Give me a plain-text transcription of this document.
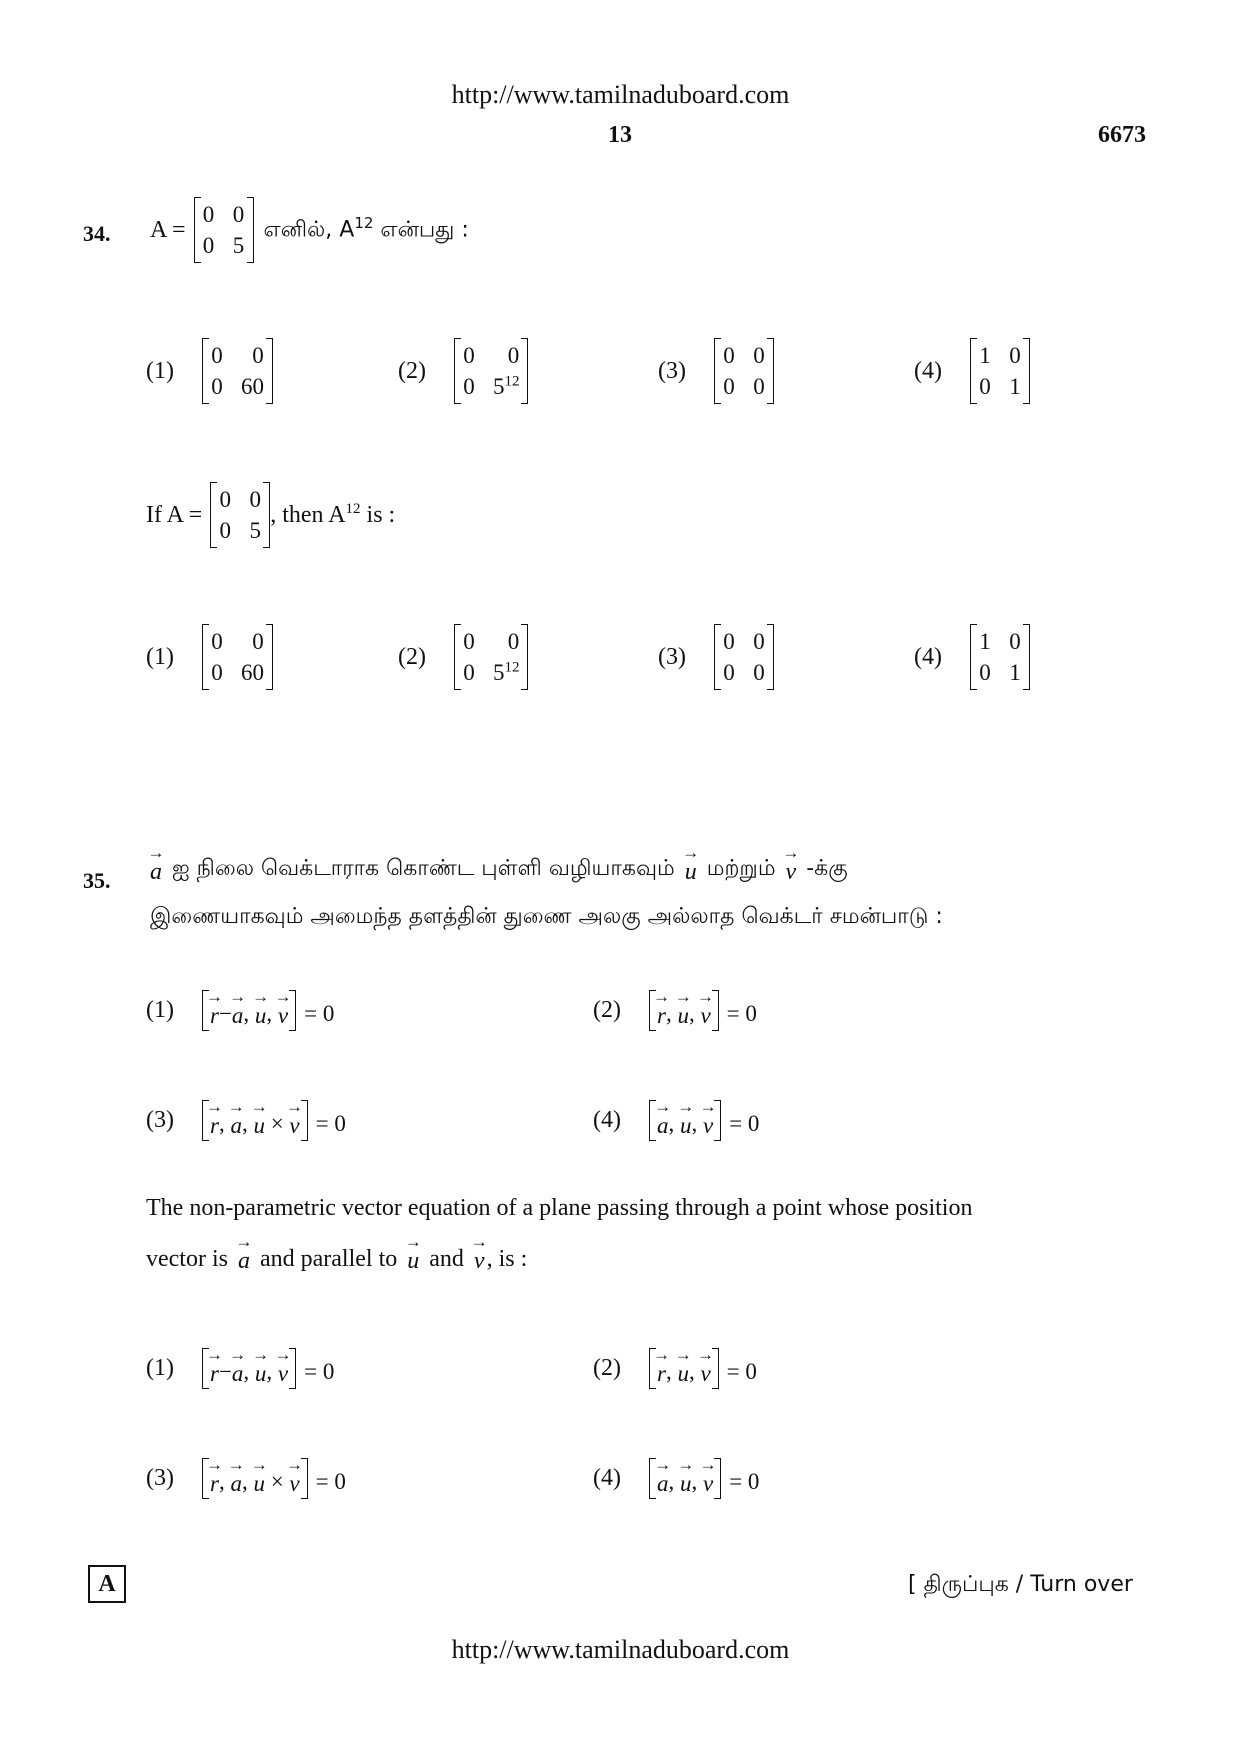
http://www.tamilnaduboard.com
13	6673
34. A =
0 0
0 5
எனில், $A^{12}$ என்பது :
(1)
0 0
0 60
(2)
0 0
0 $5^{12}$	(3)
0 0
0 0
(4)
1 0
0 1
If A =
0 0
0 5
, then $A^{12}$ is :
(1)
0 0
0 60
(2)
0 0
0 $5^{12}$	(3)
0 0
0 0
(4)
1 0
0 1
35. → a ஐ நிலை வெக்டாராக கொண்ட புள்ளி வழியாகவும் → u மற்றும் → v -க்கு
இணையாகவும் அமைந்த தளத்தின் துணை அலகு அல்லாத வெக்டர் சமன்பாடு :
(1) → r − → a , → u , → v = 0	(2) → r , → u , → v = 0
(3) → r , → a , → u × → v = 0	(4) → a , → u , → v = 0
The non-parametric vector equation of a plane passing through a point whose position
vector is → a and parallel to → u and → v , is :
(1) → r − → a , → u , → v = 0	(2) → r , → u , → v = 0
(3) → r , → a , → u × → v = 0	(4) → a , → u , → v = 0
A	[ திருப்புக / Turn over
http://www.tamilnaduboard.com
